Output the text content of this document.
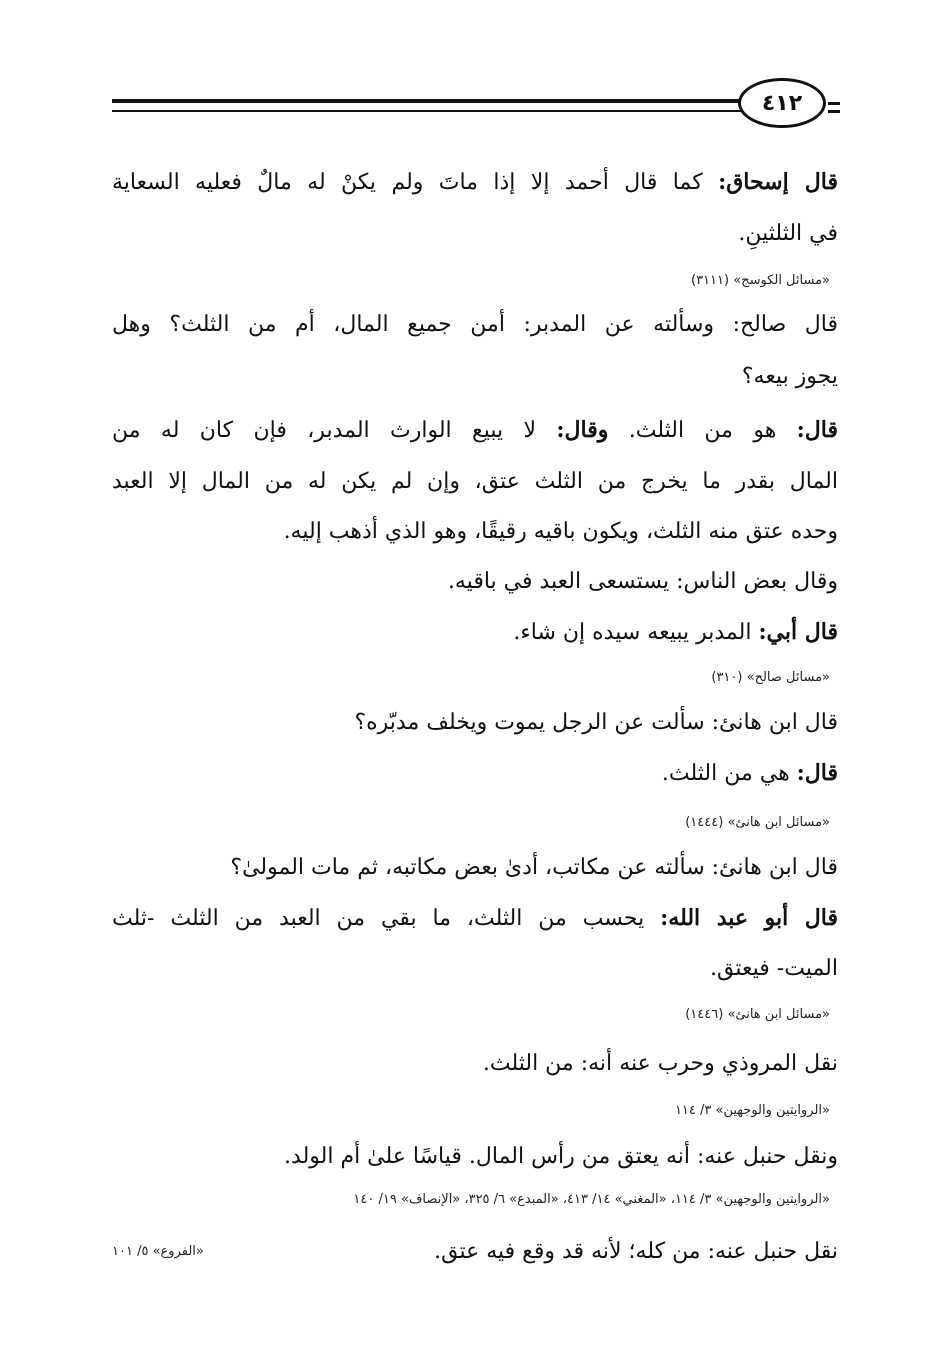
٤١٢
قال إسحاق: كما قال أحمد إلا إذا ماتَ ولم يكنْ له مالٌ فعليه السعاية
في الثلثينِ.
«مسائل الكوسج» (٣١١١)
قال صالح: وسألته عن المدبر: أمن جميع المال، أم من الثلث؟ وهل
يجوز بيعه؟
قال: هو من الثلث. وقال: لا يبيع الوارث المدبر، فإن كان له من
المال بقدر ما يخرج من الثلث عتق، وإن لم يكن له من المال إلا العبد
وحده عتق منه الثلث، ويكون باقيه رقيقًا، وهو الذي أذهب إليه.
وقال بعض الناس: يستسعى العبد في باقيه.
قال أبي: المدبر يبيعه سيده إن شاء.
«مسائل صالح» (٣١٠)
قال ابن هانئ: سألت عن الرجل يموت ويخلف مدبّره؟
قال: هي من الثلث.
«مسائل ابن هانئ» (١٤٤٤)
قال ابن هانئ: سألته عن مكاتب، أدىٰ بعض مكاتبه، ثم مات المولىٰ؟
قال أبو عبد الله: يحسب من الثلث، ما بقي من العبد من الثلث -ثلث
الميت- فيعتق.
«مسائل ابن هانئ» (١٤٤٦)
نقل المروذي وحرب عنه أنه: من الثلث.
«الروايتين والوجهين» ٣/ ١١٤
ونقل حنبل عنه: أنه يعتق من رأس المال. قياسًا علىٰ أم الولد.
«الروايتين والوجهين» ٣/ ١١٤، «المغني» ١٤/ ٤١٣، «المبدع» ٦/ ٣٢٥، «الإنصاف» ١٩/ ١٤٠
نقل حنبل عنه: من كله؛ لأنه قد وقع فيه عتق.
«الفروع» ٥/ ١٠١
